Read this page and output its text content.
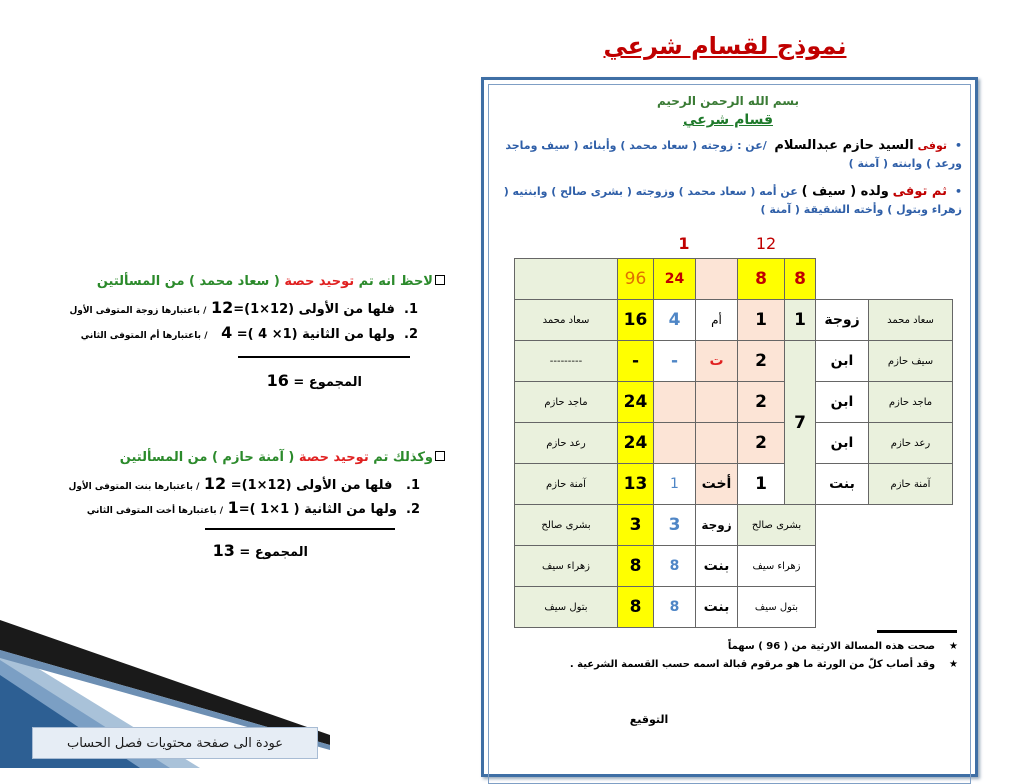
نموذج لقسام شرعي

لاحظ انه تم توحيد حصة ( سعاد محمد ) من المسألتين

1.  فلها من الأولى (12×1)=12 / باعتبارها زوجة المتوفى الأول

2.  ولها من الثانية (1× 4 )= 4   / باعتبارها أم المتوفى الثاني

المجموع = 16

وكذلك تم توحيد حصة ( آمنة حازم ) من المسألتين

1.   فلها من الأولى (12×1)= 12 / باعتبارها بنت المتوفى الأول

2.  ولها من الثانية ( 1×1 )=1 / باعتبارها أخت المتوفى الثاني

المجموع = 13

بسم الله الرحمن الرحيم

قسام شرعي

•توفى السيد حازم عبدالسلام  /عن : زوجته ( سعاد محمد ) وأبنائه ( سيف وماجد ورعد ) وابنته ( آمنة )

•ثم توفى ولده ( سيف ) عن أمه ( سعاد محمد ) وزوجته ( بشرى صالح ) وابنتيه ( زهراء وبتول ) وأخته الشقيقة ( آمنة )

1	12

	96	24		8	8		
سعاد محمد	16	4	أم	1	1	زوجة	سعاد محمد
---------	-	-	ت	2	7	ابن	سيف حازم
ماجد حازم	24			2		ابن	ماجد حازم
رعد حازم	24			2		ابن	رعد حازم
آمنة حازم	13	1	أخت	1		بنت	آمنة حازم
بشرى صالح	3	3	زوجة	بشرى صالح			
زهراء سيف	8	8	بنت	زهراء سيف			
بتول سيف	8	8	بنت	بتول سيف			

★    صحت هذه المسالة الارثية من ( 96 ) سهماً

★    وقد أصاب كلّ من الورثة ما هو مرقوم قبالة اسمه حسب القسمة الشرعية .

التوقيع

عودة الى صفحة محتويات فصل الحساب
